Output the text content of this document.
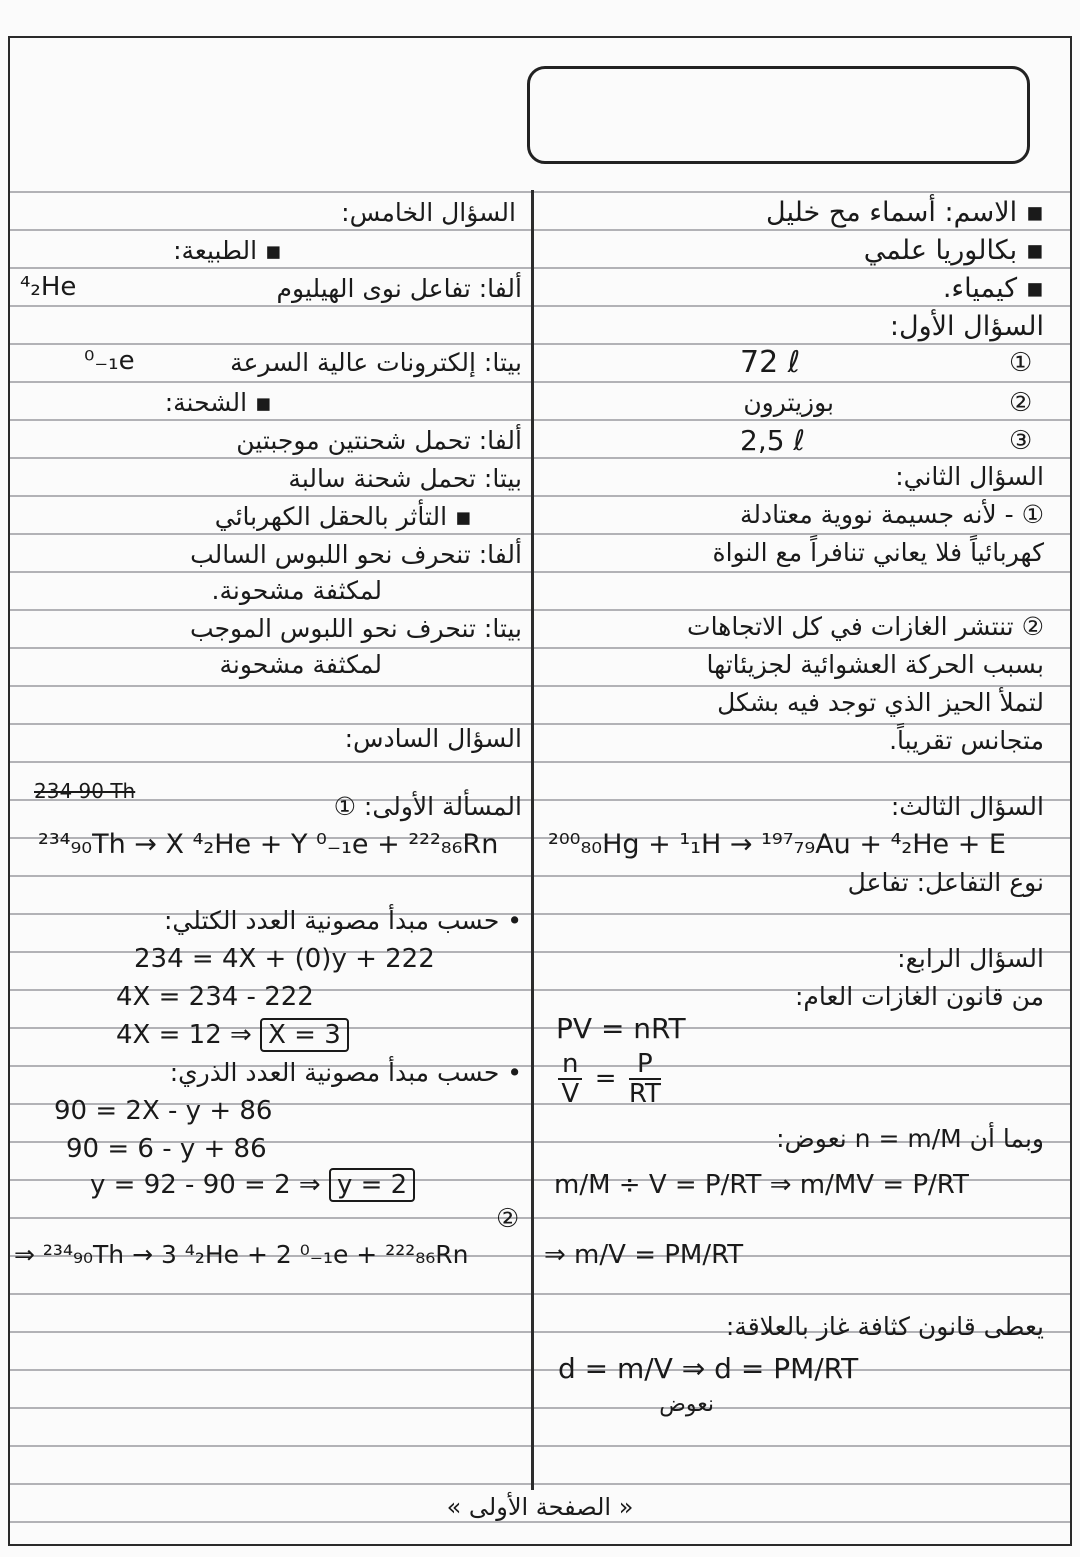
▪ الاسم: أسماء مح خليل
▪ بكالوريا علمي
▪ كيمياء.
السؤال الأول:
72 ℓ	①
بوزيترون	②
2,5 ℓ	③
السؤال الثاني:
① - لأنه جسيمة نووية معتادلة
كهربائياً فلا يعاني تنافراً مع النواة
② تنتشر الغازات في كل الاتجاهات
بسبب الحركة العشوائية لجزيئاتها
لتملأ الحيز الذي توجد فيه بشكل
متجانس تقريباً.
السؤال الثالث:
²⁰⁰₈₀Hg + ¹₁H → ¹⁹⁷₇₉Au + ⁴₂He + E
نوع التفاعل: تفاعل
السؤال الرابع:
من قانون الغازات العام:
PV = nRT
$\frac{n}{V} = \frac{P}{RT}$
وبما أن n = m/M نعوض:
m/M ÷ V = P/RT ⇒ m/MV = P/RT
⇒ m/V = PM/RT
يعطى قانون كثافة غاز بالعلاقة:
d = m/V ⇒ d = PM/RT
نعوض
السؤال الخامس:
▪ الطبيعة:
ألفا: تفاعل نوى الهيليوم
⁴₂He
بيتا: إلكترونات عالية السرعة
⁰₋₁e
▪ الشحنة:
ألفا: تحمل شحنتين موجبتين
بيتا: تحمل شحنة سالبة
▪ التأثر بالحقل الكهربائي
ألفا: تنحرف نحو اللبوس السالب
لمكثفة مشحونة.
بيتا: تنحرف نحو اللبوس الموجب
لمكثفة مشحونة
السؤال السادس:
المسألة الأولى: ①
234 90 Th
²³⁴₉₀Th → X ⁴₂He + Y ⁰₋₁e + ²²²₈₆Rn
• حسب مبدأ مصونية العدد الكتلي:
234 = 4X + (0)y + 222
4X = 234 - 222
4X = 12 ⇒ X = 3
• حسب مبدأ مصونية العدد الذري:
90 = 2X - y + 86
90 = 6 - y + 86
y = 92 - 90 = 2 ⇒ y = 2
②
⇒ ²³⁴₉₀Th → 3 ⁴₂He + 2 ⁰₋₁e + ²²²₈₆Rn
« الصفحة الأولى »
